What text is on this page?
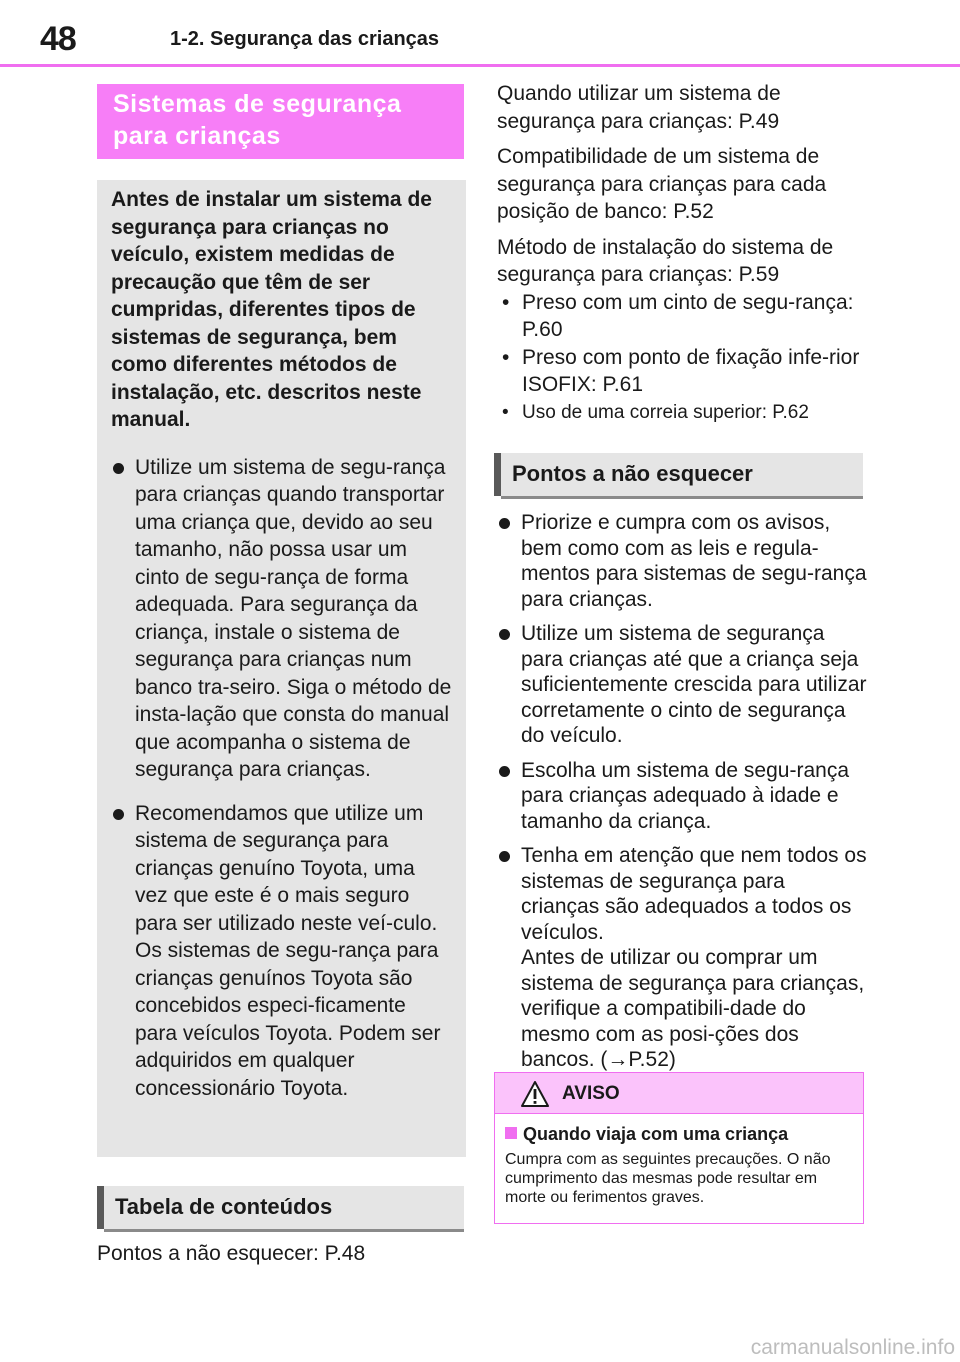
48	1-2. Segurança das crianças
Sistemas de segurança
para crianças

Antes de instalar um sistema de segurança para crianças no veículo, existem medidas de precaução que têm de ser cumpridas, diferentes tipos de sistemas de segurança, bem como diferentes métodos de instalação, etc. descritos neste manual.

Utilize um sistema de segu-rança para crianças quando transportar uma criança que, devido ao seu tamanho, não possa usar um cinto de segu-rança de forma adequada. Para segurança da criança, instale o sistema de segurança para crianças num banco tra-seiro. Siga o método de insta-lação que consta do manual que acompanha o sistema de segurança para crianças.
Recomendamos que utilize um sistema de segurança para crianças genuíno Toyota, uma vez que este é o mais seguro para ser utilizado neste veí-culo. Os sistemas de segu-rança para crianças genuínos Toyota são concebidos especi-ficamente para veículos Toyota. Podem ser adquiridos em qualquer concessionário Toyota.
Tabela de conteúdos
Pontos a não esquecer: P.48

Quando utilizar um sistema de segurança para crianças: P.49

Compatibilidade de um sistema de segurança para crianças para cada posição de banco: P.52

Método de instalação do sistema de segurança para crianças: P.59

• Preso com um cinto de segu-rança: P.60
• Preso com ponto de fixação infe-rior ISOFIX: P.61
• Uso de uma correia superior: P.62
Pontos a não esquecer
Priorize e cumpra com os avisos, bem como com as leis e regula-mentos para sistemas de segu-rança para crianças.
Utilize um sistema de segurança para crianças até que a criança seja suficientemente crescida para utilizar corretamente o cinto de segurança do veículo.
Escolha um sistema de segu-rança para crianças adequado à idade e tamanho da criança.
Tenha em atenção que nem todos os sistemas de segurança para crianças são adequados a todos os veículos.
Antes de utilizar ou comprar um sistema de segurança para crianças, verifique a compatibili-dade do mesmo com as posi-ções dos bancos. (→P.52)
AVISO
Quando viaja com uma criança

Cumpra com as seguintes precauções. O não cumprimento das mesmas pode resultar em morte ou ferimentos graves.

carmanualsonline.info
